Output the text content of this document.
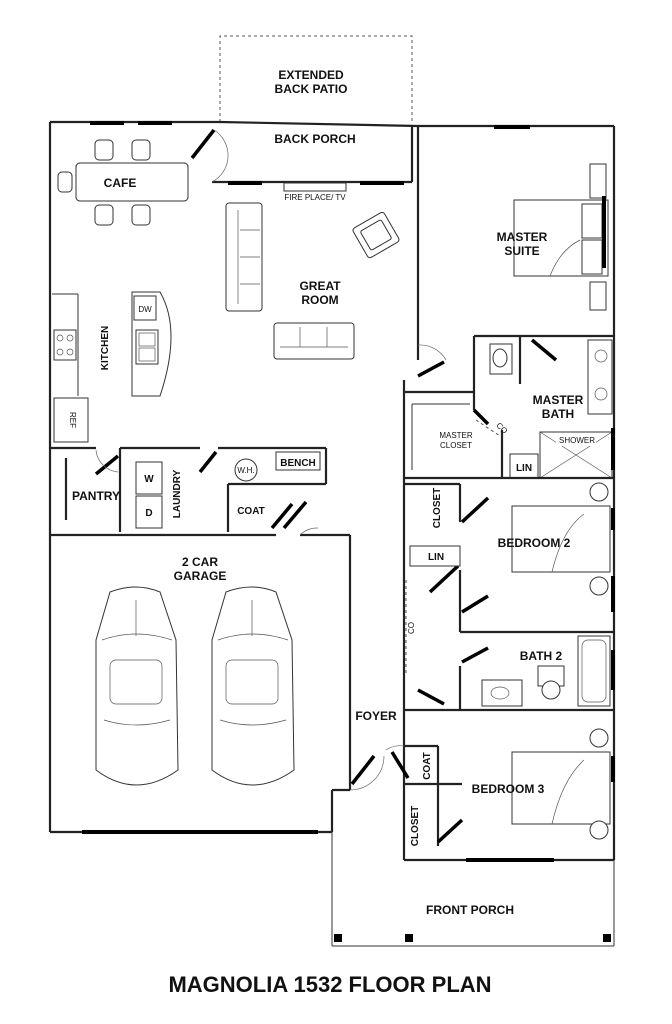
EXTENDED
BACK PATIO
BACK PORCH
FIRE PLACE/ TV
CAFE
GREAT
ROOM
REF
DW
KITCHEN
PANTRY
W
D LAUNDRY	W.H.
BENCH
COAT
2 CAR
GARAGE
FOYER
MASTER
SUITE
MASTER
BATH
SHOWER
LIN
MASTER
CLOSET
CO
CLOSET
BEDROOM 2
LIN
CO
BATH 2
COAT
CLOSET
BEDROOM 3
FRONT PORCH
MAGNOLIA 1532 FLOOR PLAN
